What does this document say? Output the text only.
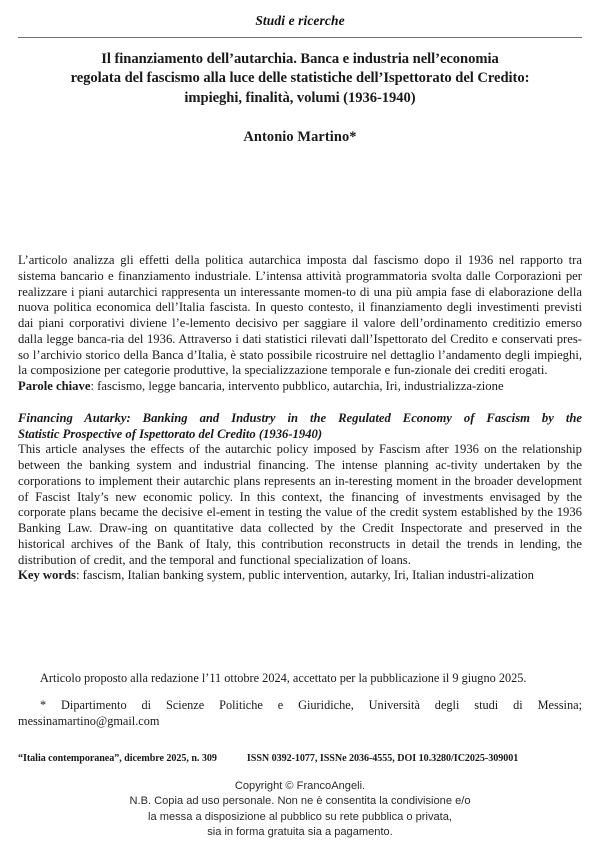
Studi e ricerche
Il finanziamento dell’autarchia. Banca e industria nell’economia
regolata del fascismo alla luce delle statistiche dell’Ispettorato del Credito:
impieghi, finalità, volumi (1936-1940)

Antonio Martino*

L’articolo analizza gli effetti della politica autarchica imposta dal fascismo dopo il 1936 nel rapporto tra sistema bancario e finanziamento industriale. L’intensa attività programmatoria svolta dalle Corporazioni per realizzare i piani autarchici rappresenta un interessante momen-to di una più ampia fase di elaborazione della nuova politica economica dell’Italia fascista. In questo contesto, il finanziamento degli investimenti previsti dai piani corporativi diviene l’e-lemento decisivo per saggiare il valore dell’ordinamento creditizio emerso dalla legge banca-ria del 1936. Attraverso i dati statistici rilevati dall’Ispettorato del Credito e conservati pres-so l’archivio storico della Banca d’Italia, è stato possibile ricostruire nel dettaglio l’andamento degli impieghi, la composizione per categorie produttive, la specializzazione temporale e fun-zionale dei crediti erogati.

Parole chiave: fascismo, legge bancaria, intervento pubblico, autarchia, Iri, industrializza-zione

Financing Autarky: Banking and Industry in the Regulated Economy of Fascism by the
Statistic Prospective of Ispettorato del Credito (1936-1940)

This article analyses the effects of the autarchic policy imposed by Fascism after 1936 on the relationship between the banking system and industrial financing. The intense planning ac-tivity undertaken by the corporations to implement their autarchic plans represents an in-teresting moment in the broader development of Fascist Italy’s new economic policy. In this context, the financing of investments envisaged by the corporate plans became the decisive el-ement in testing the value of the credit system established by the 1936 Banking Law. Draw-ing on quantitative data collected by the Credit Inspectorate and preserved in the historical archives of the Bank of Italy, this contribution reconstructs in detail the trends in lending, the distribution of credit, and the temporal and functional specialization of loans.

Key words: fascism, Italian banking system, public intervention, autarky, Iri, Italian industri-alization

Articolo proposto alla redazione l’11 ottobre 2024, accettato per la pubblicazione il 9 giugno 2025.

* Dipartimento di Scienze Politiche e Giuridiche, Università degli studi di Messina; messinamartino@gmail.com

“Italia contemporanea”, dicembre 2025, n. 309	ISSN 0392-1077, ISSNe 2036-4555, DOI 10.3280/IC2025-309001
Copyright © FrancoAngeli.
N.B. Copia ad uso personale. Non ne è consentita la condivisione e/o
la messa a disposizione al pubblico su rete pubblica o privata,
sia in forma gratuita sia a pagamento.
